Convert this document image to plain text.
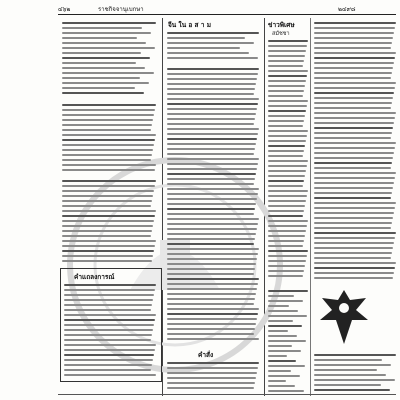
๔๖๒	ราชกิจจานุเบกษา	๒๔๙๘
คำแถลงการณ์
จีน ใน อ ส า ม
คำสั่ง
ข่าวพิเศษ
สมัชชา
